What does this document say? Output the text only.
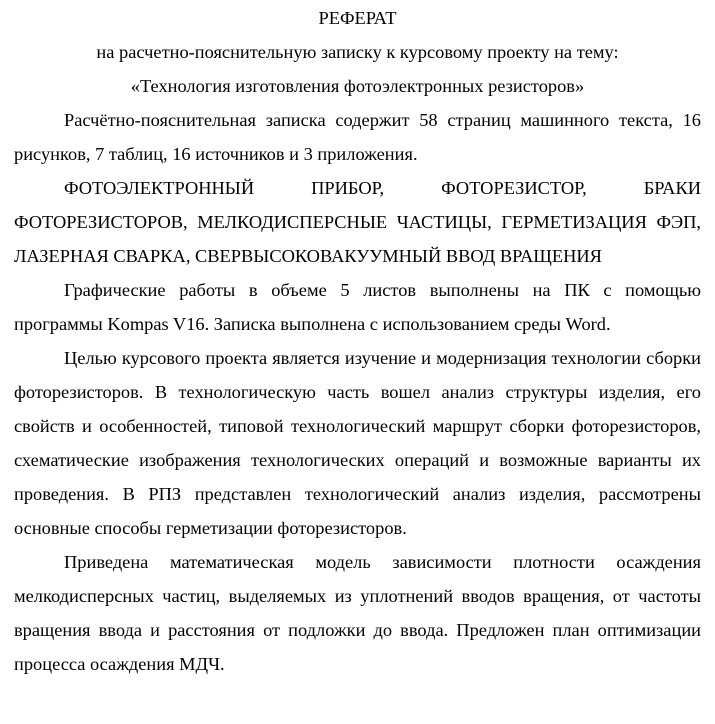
РЕФЕРАТ

на расчетно-пояснительную записку к курсовому проекту на тему:

«Технология изготовления фотоэлектронных резисторов»

Расчётно-пояснительная записка содержит 58 страниц машинного текста, 16 рисунков, 7 таблиц, 16 источников и 3 приложения.

ФОТОЭЛЕКТРОННЫЙ ПРИБОР, ФОТОРЕЗИСТОР, БРАКИ ФОТОРЕЗИСТОРОВ, МЕЛКОДИСПЕРСНЫЕ ЧАСТИЦЫ, ГЕРМЕТИЗАЦИЯ ФЭП, ЛАЗЕРНАЯ СВАРКА, СВЕРВЫСОКОВАКУУМНЫЙ ВВОД ВРАЩЕНИЯ

Графические работы в объеме 5 листов выполнены на ПК с помощью программы Kompas V16. Записка выполнена с использованием среды Word.

Целью курсового проекта является изучение и модернизация технологии сборки фоторезисторов. В технологическую часть вошел анализ структуры изделия, его свойств и особенностей, типовой технологический маршрут сборки фоторезисторов, схематические изображения технологических операций и возможные варианты их проведения. В РПЗ представлен технологический анализ изделия, рассмотрены основные способы герметизации фоторезисторов.

Приведена математическая модель зависимости плотности осаждения мелкодисперсных частиц, выделяемых из уплотнений вводов вращения, от частоты вращения ввода и расстояния от подложки до ввода. Предложен план оптимизации процесса осаждения МДЧ.
